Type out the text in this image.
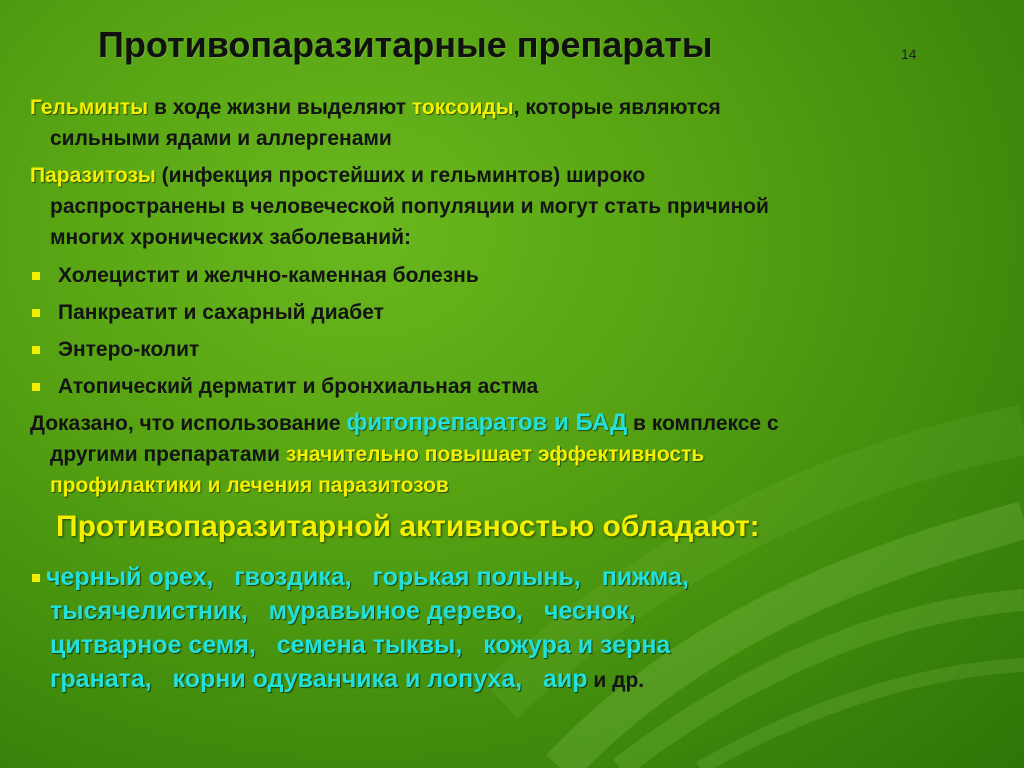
Противопаразитарные препараты	14
Гельминты в ходе жизни выделяют токсоиды, которые являются
сильными ядами и аллергенами
Паразитозы (инфекция простейших и гельминтов) широко
распространены в человеческой популяции и могут стать причиной
многих хронических заболеваний:
Холецистит и желчно-каменная болезнь
Панкреатит и сахарный диабет
Энтеро-колит
Атопический дерматит и бронхиальная астма
Доказано, что использование фитопрепаратов и БАД в комплексе с
другими препаратами значительно повышает эффективность
профилактики и лечения паразитозов
Противопаразитарной активностью обладают:
черный орех,   гвоздика,   горькая полынь,   пижма,
тысячелистник,   муравьиное дерево,   чеснок,
цитварное семя,   семена тыквы,   кожура и зерна
граната,   корни одуванчика и лопуха,   аир и др.
